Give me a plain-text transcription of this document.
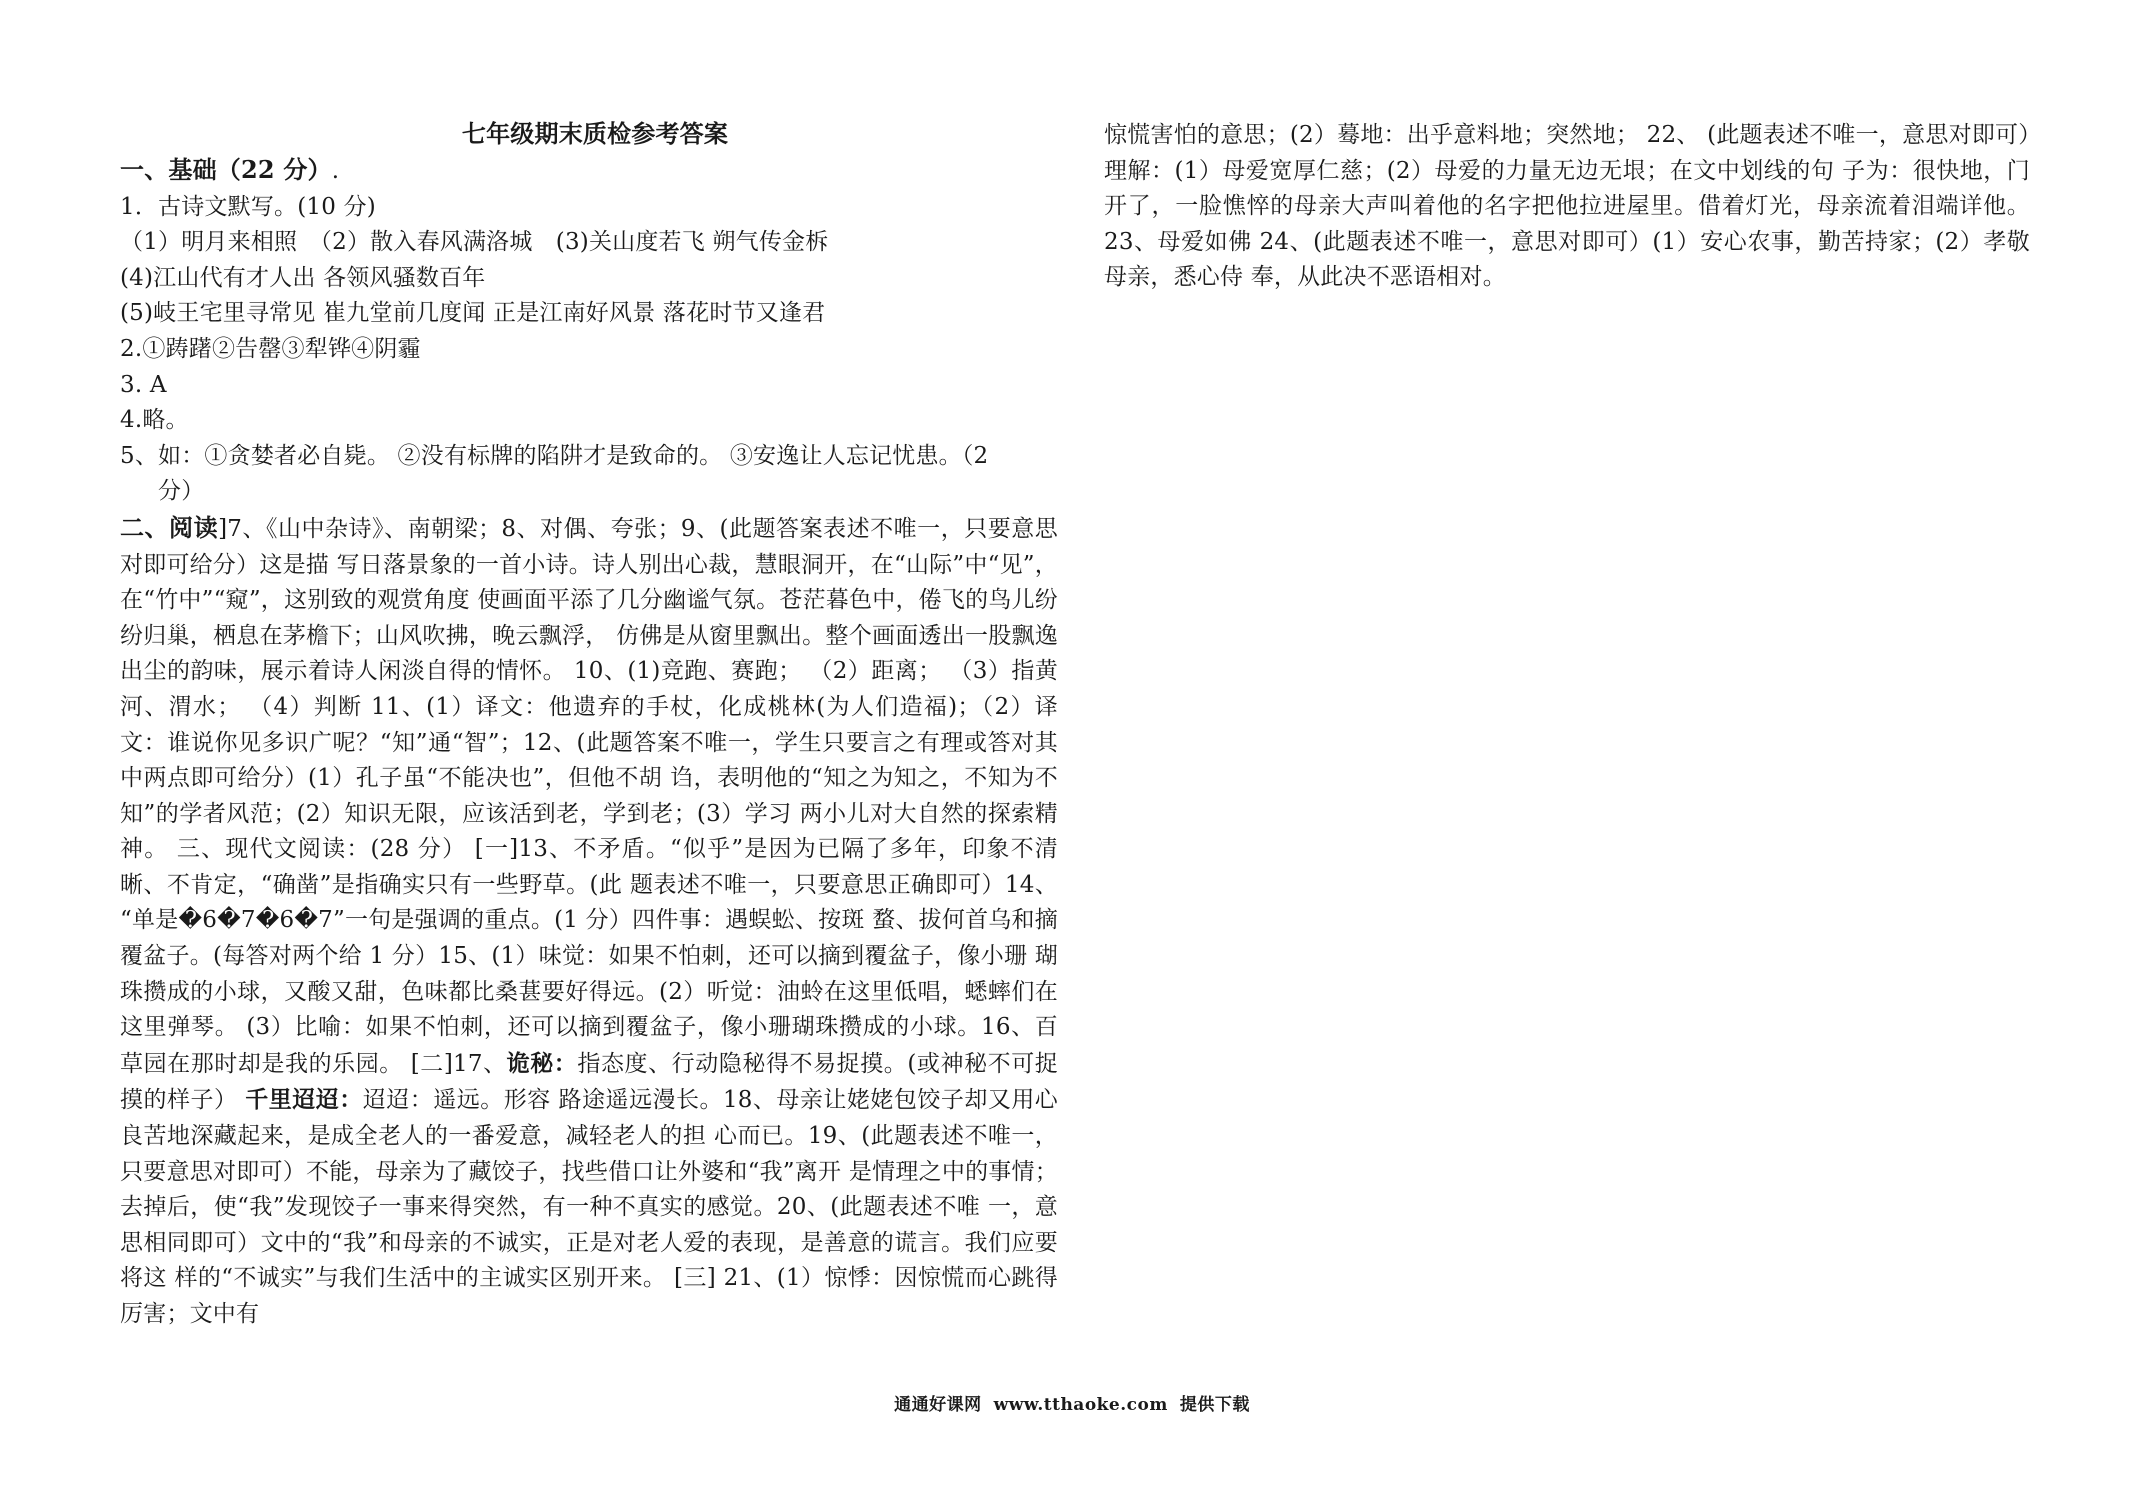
七年级期末质检参考答案
一、基础（22 分）.
1．古诗文默写。(10 分)
（1）明月来相照　（2）散入春风满洛城　(3)关山度若飞 朔气传金柝
(4)江山代有才人出 各领风骚数百年
(5)岐王宅里寻常见 崔九堂前几度闻 正是江南好风景 落花时节又逢君
2.①踌躇②告罄③犁铧④阴霾
3. A
4.略。
5、如：①贪婪者必自毙。 ②没有标牌的陷阱才是致命的。 ③安逸让人忘记忧患。（2
分）
二、阅读]7、《山中杂诗》、南朝梁；8、对偶、夸张；9、(此题答案表述不唯一，只要意思对即可给分）这是描 写日落景象的一首小诗。诗人别出心裁，慧眼洞开，在“山际”中“见”，在“竹中”“窥”，这别致的观赏角度 使画面平添了几分幽谧气氛。苍茫暮色中，倦飞的鸟儿纷纷归巢，栖息在茅檐下；山风吹拂，晚云飘浮， 仿佛是从窗里飘出。整个画面透出一股飘逸出尘的韵味，展示着诗人闲淡自得的情怀。 10、(1)竞跑、赛跑； （2）距离； （3）指黄河、渭水； （4）判断 11、(1）译文：他遗弃的手杖，化成桃林(为人们造福)；（2）译文：谁说你见多识广呢？“知”通“智”；12、(此题答案不唯一，学生只要言之有理或答对其中两点即可给分）(1）孔子虽“不能决也”，但他不胡 诌，表明他的“知之为知之，不知为不知”的学者风范；(2）知识无限，应该活到老，学到老；(3）学习 两小儿对大自然的探索精神。 三、现代文阅读：(28 分） [一]13、不矛盾。“似乎”是因为已隔了多年，印象不清晰、不肯定，“确凿”是指确实只有一些野草。(此 题表述不唯一，只要意思正确即可）14、 “单是�6�7�6�7”一句是强调的重点。(1 分）四件事：遇蜈蚣、按斑 蝥、拔何首乌和摘覆盆子。(每答对两个给 1 分）15、(1）味觉：如果不怕刺，还可以摘到覆盆子，像小珊 瑚珠攒成的小球，又酸又甜，色味都比桑葚要好得远。(2）听觉：油蛉在这里低唱，蟋蟀们在这里弹琴。 (3）比喻：如果不怕刺，还可以摘到覆盆子，像小珊瑚珠攒成的小球。16、百草园在那时却是我的乐园。 [二]17、诡秘：指态度、行动隐秘得不易捉摸。(或神秘不可捉摸的样子） 千里迢迢：迢迢：遥远。形容 路途遥远漫长。18、母亲让姥姥包饺子却又用心良苦地深藏起来，是成全老人的一番爱意，减轻老人的担 心而已。19、(此题表述不唯一，只要意思对即可）不能，母亲为了藏饺子，找些借口让外婆和“我”离开 是情理之中的事情；去掉后，使“我”发现饺子一事来得突然，有一种不真实的感觉。20、(此题表述不唯 一，意思相同即可）文中的“我”和母亲的不诚实，正是对老人爱的表现，是善意的谎言。我们应要将这 样的“不诚实”与我们生活中的主诚实区别开来。 [三] 21、(1）惊悸：因惊慌而心跳得厉害；文中有
惊慌害怕的意思；(2）蓦地：出乎意料地；突然地； 22、 (此题表述不唯一，意思对即可）理解：(1）母爱宽厚仁慈；(2）母爱的力量无边无垠；在文中划线的句 子为：很快地，门开了，一脸憔悴的母亲大声叫着他的名字把他拉进屋里。借着灯光，母亲流着泪端详他。 23、母爱如佛 24、(此题表述不唯一，意思对即可）(1）安心农事，勤苦持家；(2）孝敬母亲，悉心侍 奉，从此决不恶语相对。
通通好课网 www.tthaoke.com 提供下载
